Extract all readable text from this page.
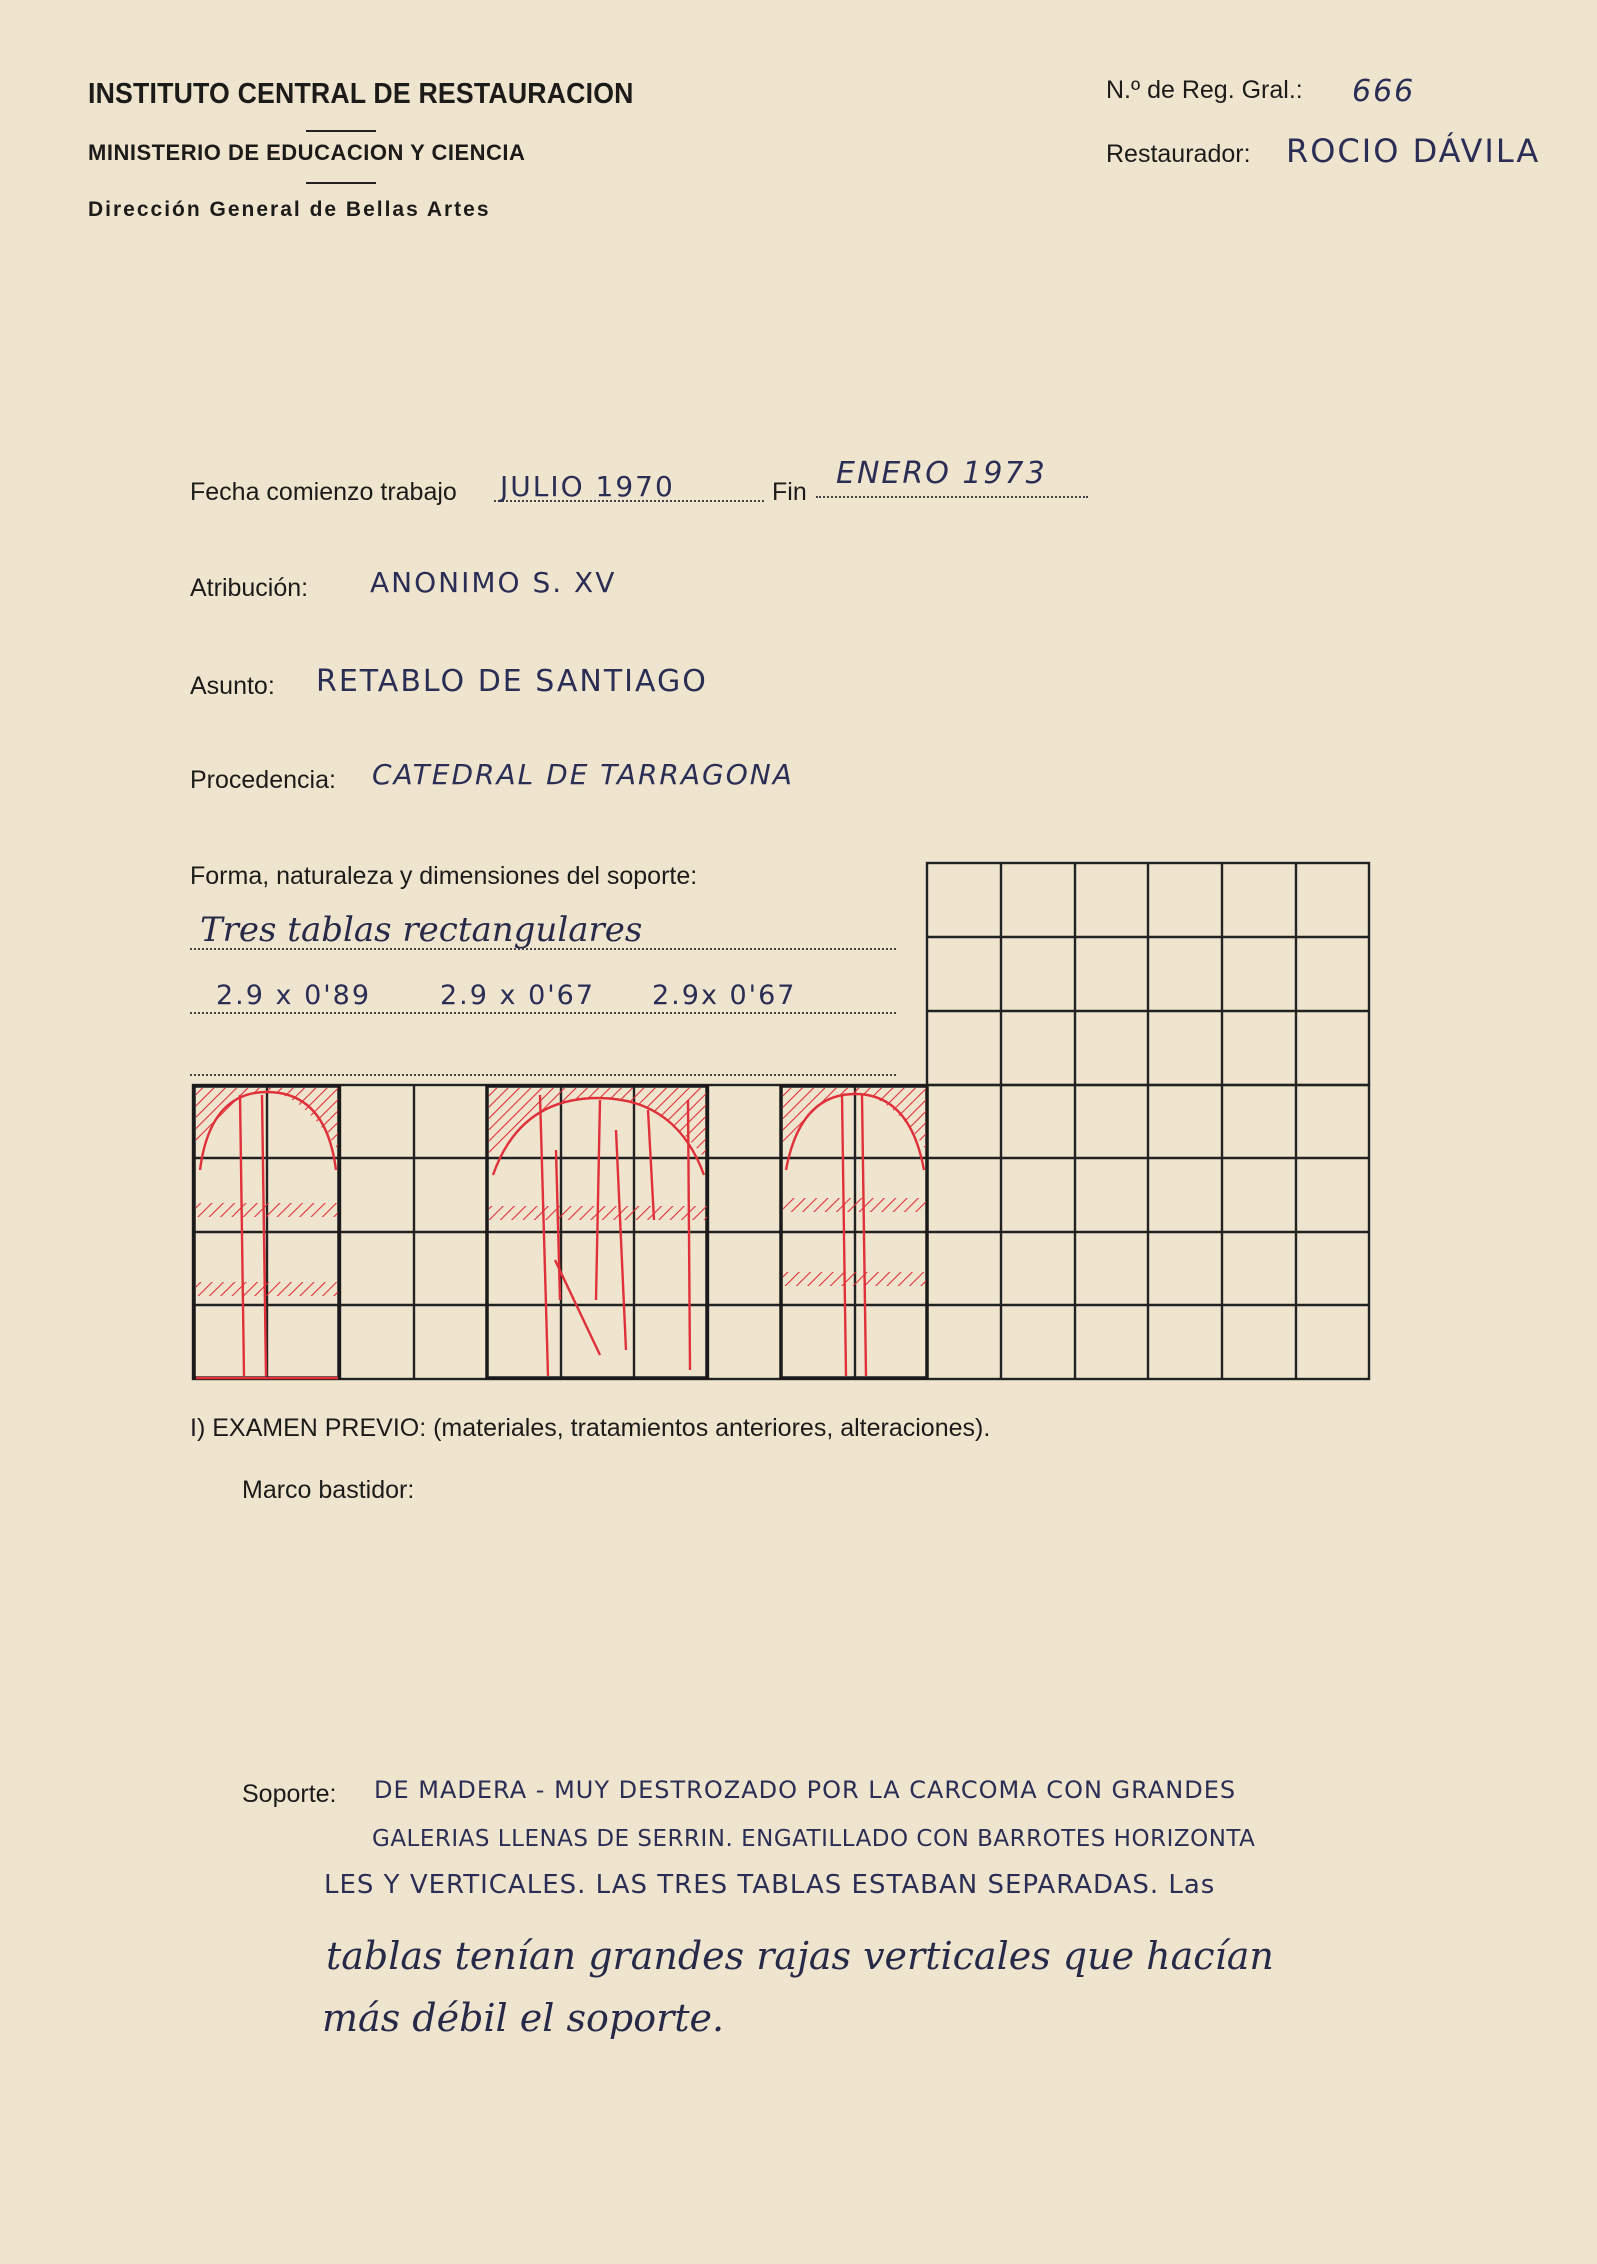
INSTITUTO CENTRAL DE RESTAURACION
MINISTERIO DE EDUCACION Y CIENCIA
Dirección General de Bellas Artes
N.º de Reg. Gral.: 666
Restaurador: ROCIO DÁVILA
Fecha comienzo trabajo JULIO 1970	Fin
ENERO 1973
Atribución: ANONIMO S. XV
Asunto: RETABLO DE SANTIAGO
Procedencia: CATEDRAL DE TARRAGONA
Forma, naturaleza y dimensiones del soporte:
Tres tablas rectangulares
2.9 x 0'89	2.9 x 0'67 2.9x 0'67
I) EXAMEN PREVIO: (materiales, tratamientos anteriores, alteraciones).
Marco bastidor:
Soporte: DE MADERA - MUY DESTROZADO POR LA CARCOMA CON GRANDES
GALERIAS LLENAS DE SERRIN. ENGATILLADO CON BARROTES HORIZONTA
LES Y VERTICALES. LAS TRES TABLAS ESTABAN SEPARADAS. Las
tablas tenían grandes rajas verticales que hacían
más débil el soporte.
